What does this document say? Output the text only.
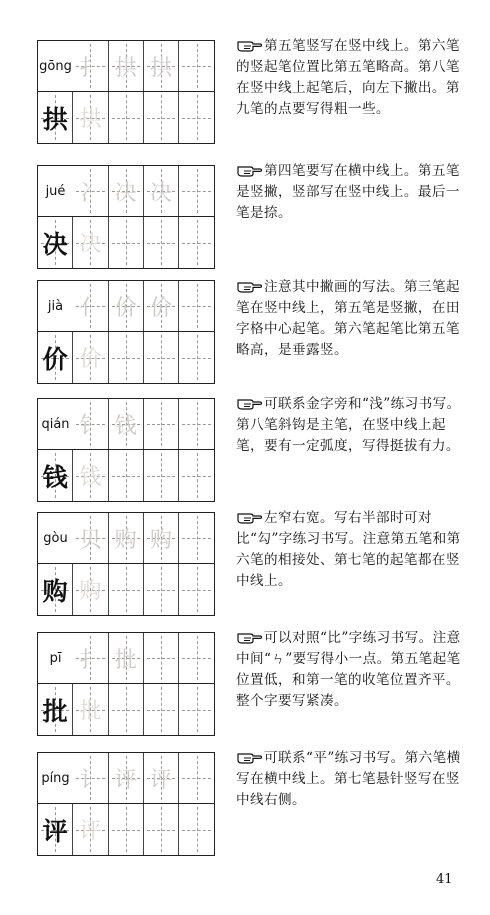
gōng 扌 拱 拱
拱 拱
第五笔竖写在竖中线上。第六笔的竖起笔位置比第五笔略高。第八笔在竖中线上起笔后，向左下撇出。第九笔的点要写得粗一些。
jué 冫 决 决
决 决
第四笔要写在横中线上。第五笔是竖撇，竖部写在竖中线上。最后一笔是捺。
jià 亻 价 价
价 价
注意其中撇画的写法。第三笔起笔在竖中线上，第五笔是竖撇，在田字格中心起笔。第六笔起笔比第五笔略高，是垂露竖。
qián 钅 钱
钱 钱
可联系金字旁和“浅”练习书写。第八笔斜钩是主笔，在竖中线上起笔，要有一定弧度，写得挺拔有力。
gòu 贝 购 购
购 购
左窄右宽。写右半部时可对比“勾”字练习书写。注意第五笔和第六笔的相接处、第七笔的起笔都在竖中线上。
pī 扌 批
批 批
可以对照“比”字练习书写。注意中间“ㄣ”要写得小一点。第五笔起笔位置低，和第一笔的收笔位置齐平。整个字要写紧凑。
píng 讠 评 评
评 评
可联系“平”练习书写。第六笔横写在横中线上。第七笔悬针竖写在竖中线右侧。
41
